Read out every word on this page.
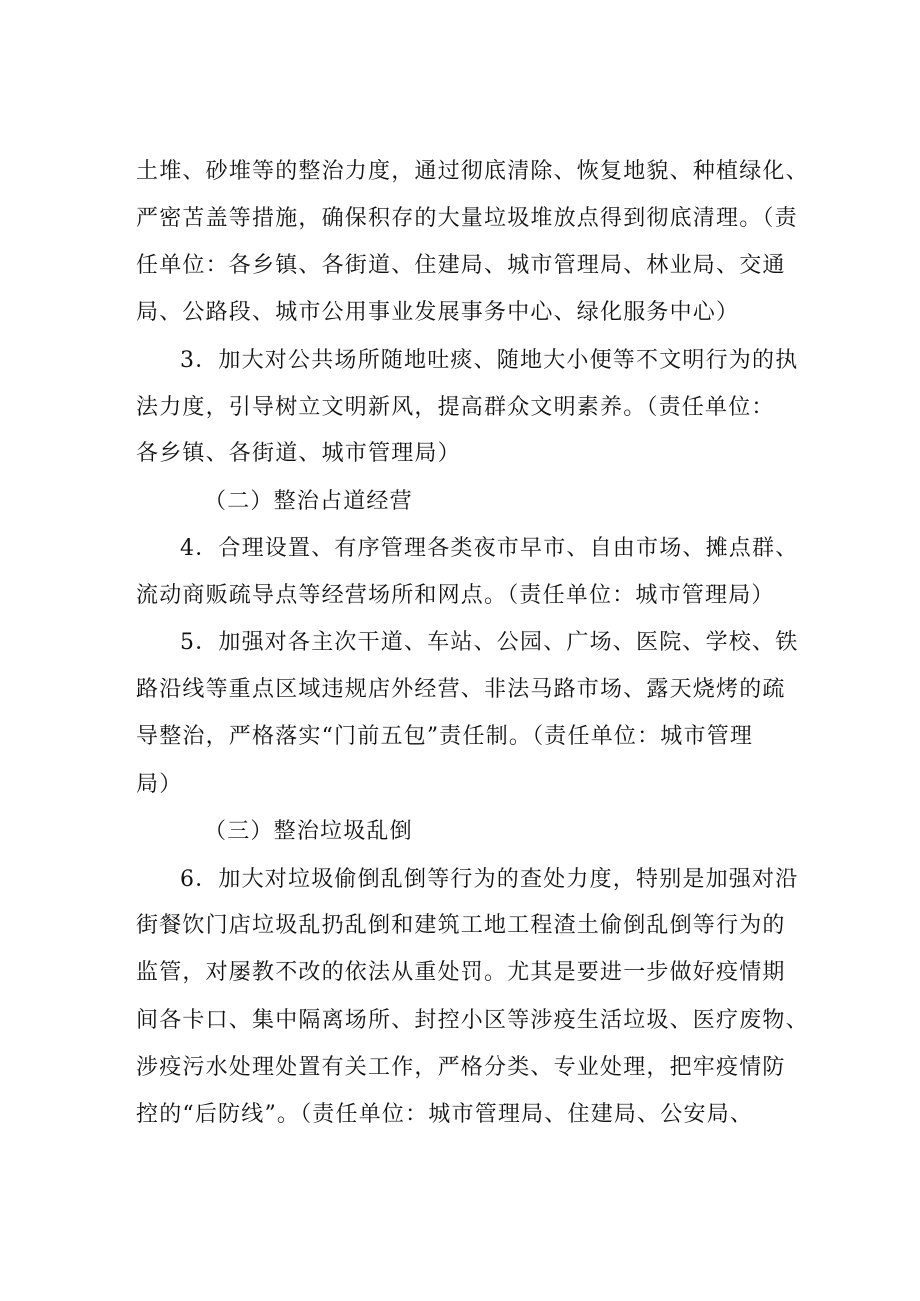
土堆、砂堆等的整治力度，通过彻底清除、恢复地貌、种植绿化、
严密苫盖等措施，确保积存的大量垃圾堆放点得到彻底清理。（责
任单位：各乡镇、各街道、住建局、城市管理局、林业局、交通
局、公路段、城市公用事业发展事务中心、绿化服务中心）
3．加大对公共场所随地吐痰、随地大小便等不文明行为的执
法力度，引导树立文明新风，提高群众文明素养。（责任单位：
各乡镇、各街道、城市管理局）
（二）整治占道经营
4．合理设置、有序管理各类夜市早市、自由市场、摊点群、
流动商贩疏导点等经营场所和网点。（责任单位：城市管理局）
5．加强对各主次干道、车站、公园、广场、医院、学校、铁
路沿线等重点区域违规店外经营、非法马路市场、露天烧烤的疏
导整治，严格落实“门前五包”责任制。（责任单位：城市管理
局）
（三）整治垃圾乱倒
6．加大对垃圾偷倒乱倒等行为的查处力度，特别是加强对沿
街餐饮门店垃圾乱扔乱倒和建筑工地工程渣土偷倒乱倒等行为的
监管，对屡教不改的依法从重处罚。尤其是要进一步做好疫情期
间各卡口、集中隔离场所、封控小区等涉疫生活垃圾、医疗废物、
涉疫污水处理处置有关工作，严格分类、专业处理，把牢疫情防
控的“后防线”。（责任单位：城市管理局、住建局、公安局、
